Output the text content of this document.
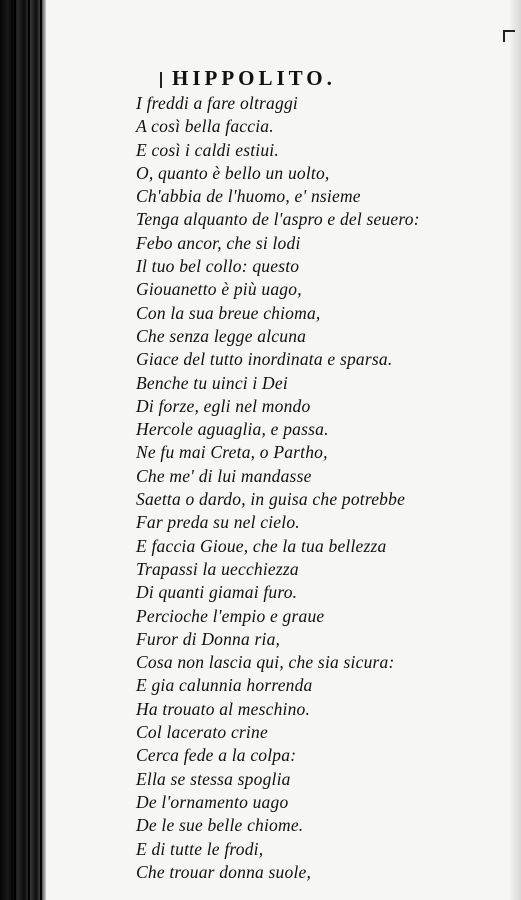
HIPPOLITO.
I freddi a fare oltraggi
A così bella faccia.
E così i caldi estiui.
O, quanto è bello un uolto,
Ch'abbia de l'huomo, e' nsieme
Tenga alquanto de l'aspro e del seuero:
Febo ancor, che si lodi
Il tuo bel collo: questo
Giouanetto è più uago,
Con la sua breue chioma,
Che senza legge alcuna
Giace del tutto inordinata e sparsa.
Benche tu uinci i Dei
Di forze, egli nel mondo
Hercole aguaglia, e passa.
Ne fu mai Creta, o Partho,
Che me' di lui mandasse
Saetta o dardo, in guisa che potrebbe
Far preda su nel cielo.
E faccia Gioue, che la tua bellezza
Trapassi la uecchiezza
Di quanti giamai furo.
Percioche l'empio e graue
Furor di Donna ria,
Cosa non lascia qui, che sia sicura:
E gia calunnia horrenda
Ha trouato al meschino.
Col lacerato crine
Cerca fede a la colpa:
Ella se stessa spoglia
De l'ornamento uago
De le sue belle chiome.
E di tutte le frodi,
Che trouar donna suole,
